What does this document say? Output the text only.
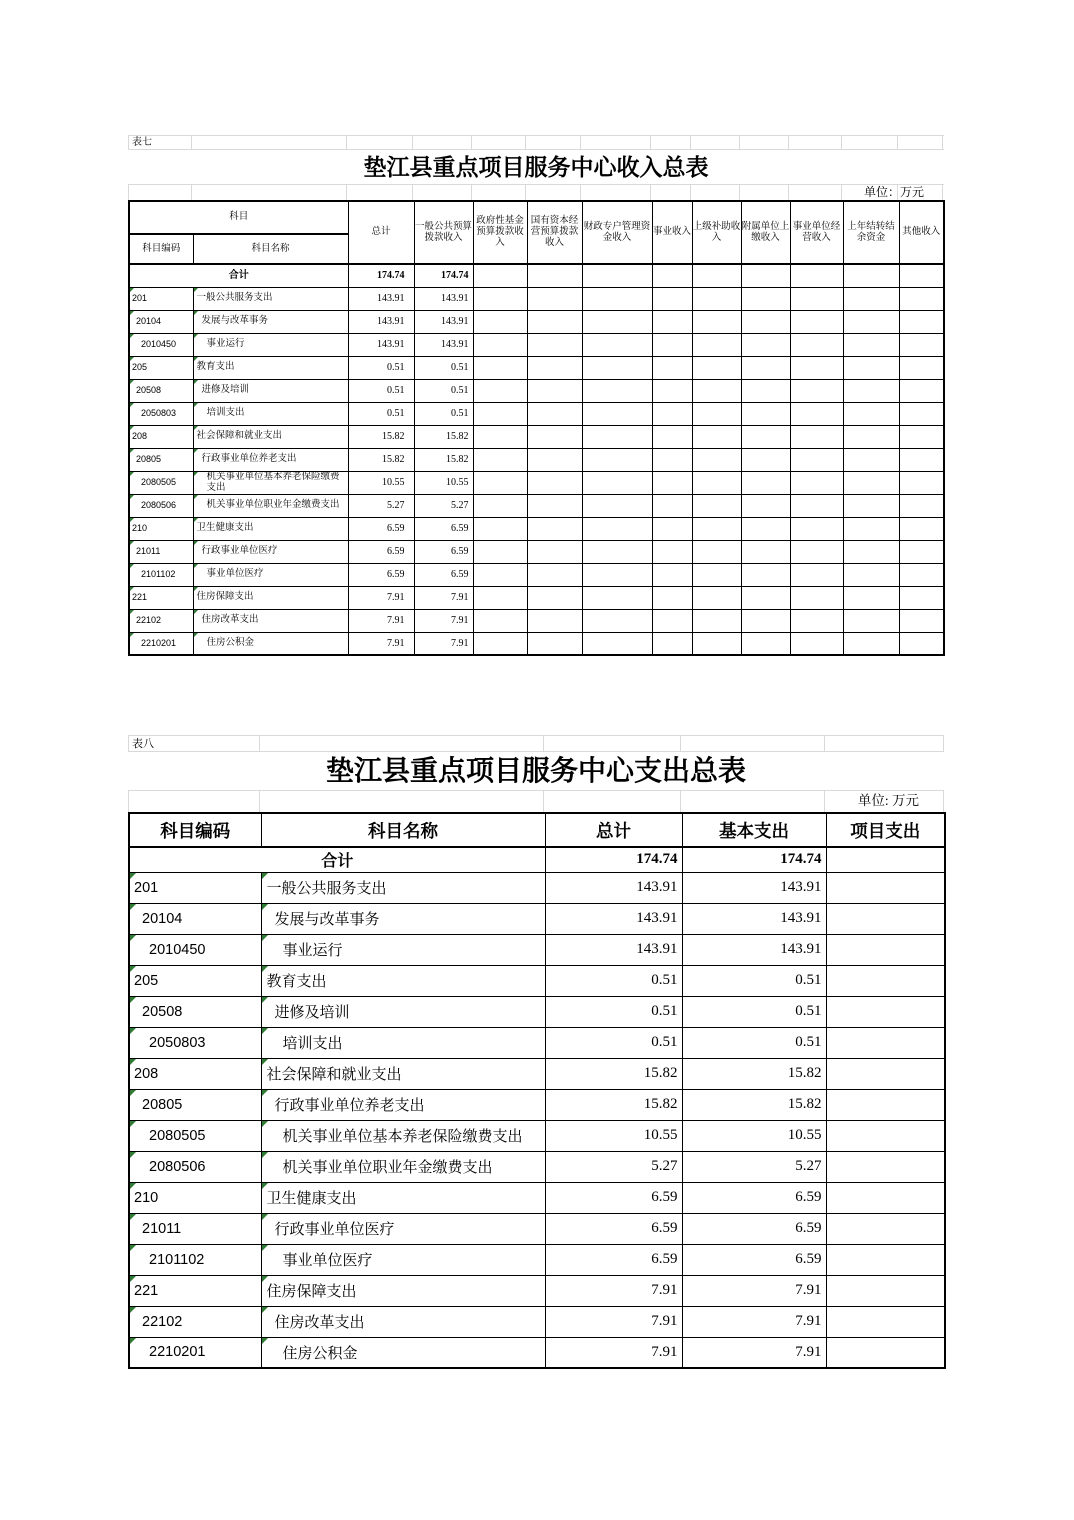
表七
垫江县重点项目服务中心收入总表
单位：万元
科目		总计	一般公共预算拨款收入	政府性基金预算拨款收入	国有资本经营预算拨款收入	财政专户管理资金收入	事业收入	上级补助收入	附属单位上缴收入	事业单位经营收入	上年结转结余资金	其他收入
科目编码	科目名称											
合计		174.74	174.74									
201	一般公共服务支出	143.91	143.91									
20104	发展与改革事务	143.91	143.91									
2010450	事业运行	143.91	143.91									
205	教育支出	0.51	0.51									
20508	进修及培训	0.51	0.51									
2050803	培训支出	0.51	0.51									
208	社会保障和就业支出	15.82	15.82									
20805	行政事业单位养老支出	15.82	15.82									
2080505	机关事业单位基本养老保险缴费支出	10.55	10.55									
2080506	机关事业单位职业年金缴费支出	5.27	5.27									
210	卫生健康支出	6.59	6.59									
21011	行政事业单位医疗	6.59	6.59									
2101102	事业单位医疗	6.59	6.59									
221	住房保障支出	7.91	7.91									
22102	住房改革支出	7.91	7.91									
2210201	住房公积金	7.91	7.91									
表八
垫江县重点项目服务中心支出总表
单位: 万元
科目编码	科目名称	总计	基本支出	项目支出
合计		174.74	174.74	
201	一般公共服务支出	143.91	143.91	
20104	发展与改革事务	143.91	143.91	
2010450	事业运行	143.91	143.91	
205	教育支出	0.51	0.51	
20508	进修及培训	0.51	0.51	
2050803	培训支出	0.51	0.51	
208	社会保障和就业支出	15.82	15.82	
20805	行政事业单位养老支出	15.82	15.82	
2080505	机关事业单位基本养老保险缴费支出	10.55	10.55	
2080506	机关事业单位职业年金缴费支出	5.27	5.27	
210	卫生健康支出	6.59	6.59	
21011	行政事业单位医疗	6.59	6.59	
2101102	事业单位医疗	6.59	6.59	
221	住房保障支出	7.91	7.91	
22102	住房改革支出	7.91	7.91	
2210201	住房公积金	7.91	7.91	
